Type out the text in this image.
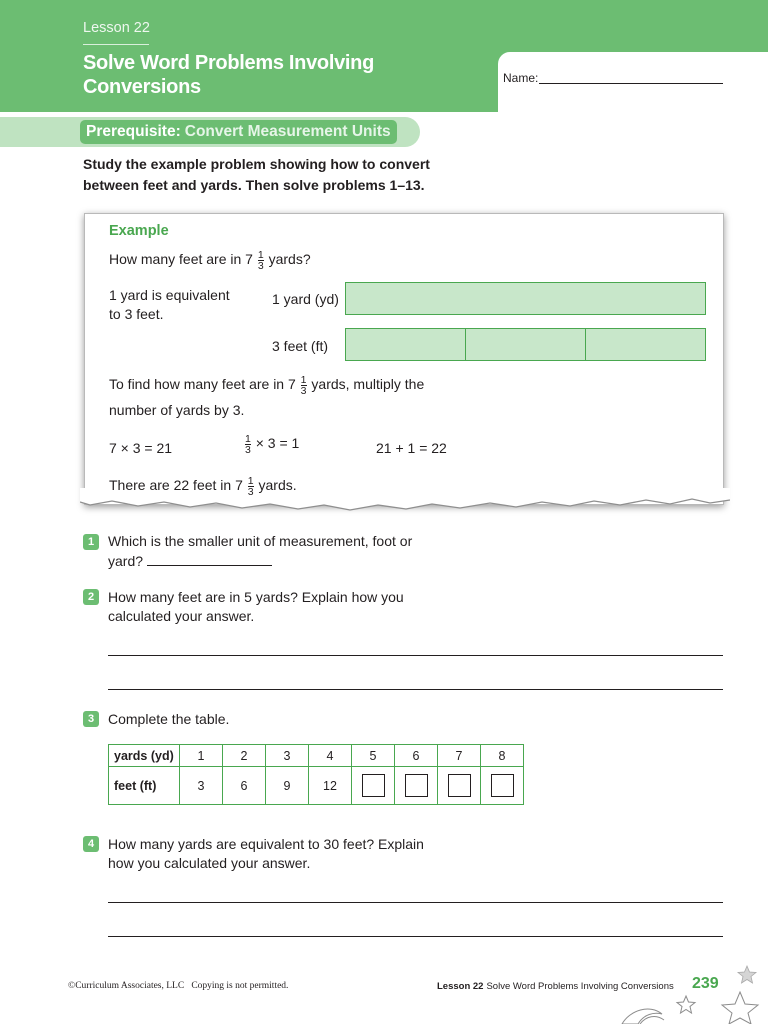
Lesson 22
Solve Word Problems Involving
Conversions	Name:
Prerequisite: Convert Measurement Units
Study the example problem showing how to convert
between feet and yards. Then solve problems 1–13.
Example
How many feet are in $7 \frac{1}{3}$ yards?
1 yard is equivalent
to 3 feet.
1 yard (yd)
3 feet (ft)
To find how many feet are in $7 \frac{1}{3}$ yards, multiply the
number of yards by 3.
7 × 3 = 21	$\frac{1}{3} \times 3 = 1$	21 + 1 = 22
There are 22 feet in $7 \frac{1}{3}$ yards.
1 Which is the smaller unit of measurement, foot or
yard?
2 How many feet are in 5 yards? Explain how you
calculated your answer.
3 Complete the table.
yards (yd)	1	2	3	4	5	6	7	8
feet (ft)	3	6	9	12				
4 How many yards are equivalent to 30 feet? Explain
how you calculated your answer.
©Curriculum Associates, LLC   Copying is not permitted.	Lesson 22 Solve Word Problems Involving Conversions 239
